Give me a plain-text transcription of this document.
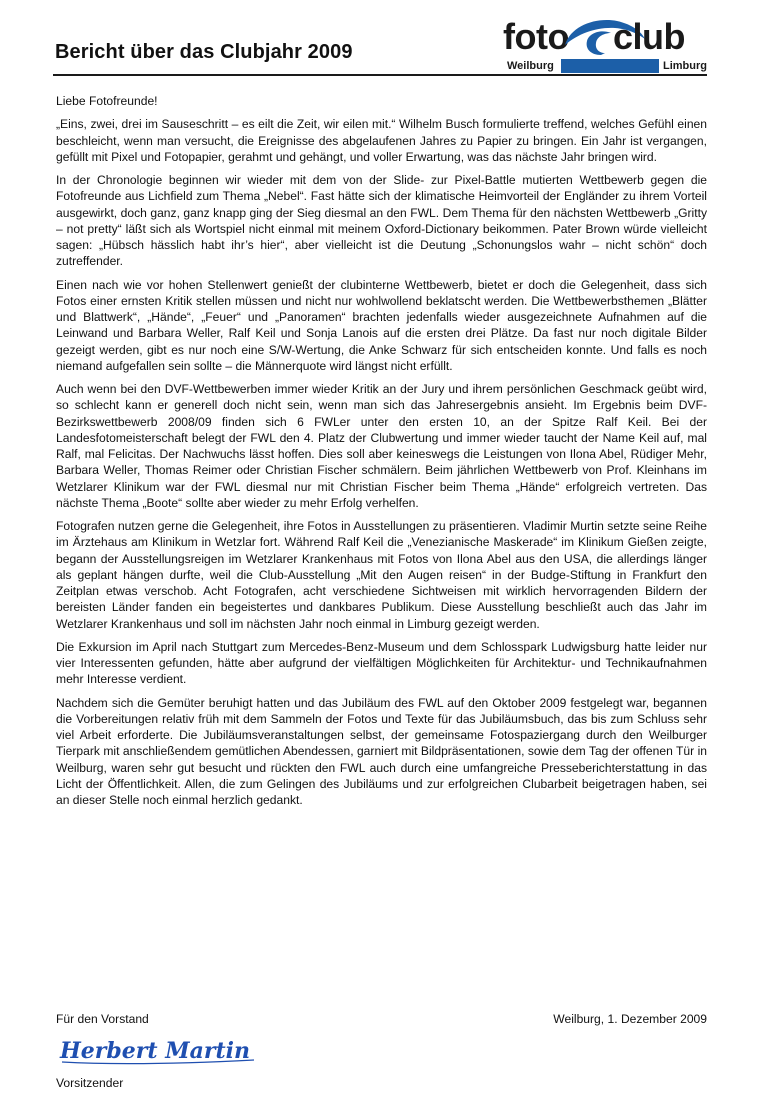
Bericht über das Clubjahr 2009	foto club
Weilburg	Limburg

Liebe Fotofreunde!

„Eins, zwei, drei im Sauseschritt – es eilt die Zeit, wir eilen mit.“ Wilhelm Busch formulierte treffend, welches Gefühl einen beschleicht, wenn man versucht, die Ereignisse des abgelaufenen Jahres zu Papier zu bringen. Ein Jahr ist vergangen, gefüllt mit Pixel und Fotopapier, gerahmt und gehängt, und voller Erwartung, was das nächste Jahr bringen wird.

In der Chronologie beginnen wir wieder mit dem von der Slide- zur Pixel-Battle mutierten Wettbewerb gegen die Fotofreunde aus Lichfield zum Thema „Nebel“. Fast hätte sich der klimatische Heimvorteil der Engländer zu ihrem Vorteil ausgewirkt, doch ganz, ganz knapp ging der Sieg diesmal an den FWL. Dem Thema für den nächsten Wettbewerb „Gritty – not pretty“ läßt sich als Wortspiel nicht einmal mit meinem Oxford-Dictionary beikommen. Pater Brown würde vielleicht sagen: „Hübsch hässlich habt ihr’s hier“, aber vielleicht ist die Deutung „Schonungslos wahr – nicht schön“ doch zutreffender.

Einen nach wie vor hohen Stellenwert genießt der clubinterne Wettbewerb, bietet er doch die Gelegenheit, dass sich Fotos einer ernsten Kritik stellen müssen und nicht nur wohlwollend beklatscht werden. Die Wettbewerbsthemen „Blätter und Blattwerk“, „Hände“, „Feuer“ und „Panoramen“ brachten jedenfalls wieder ausgezeichnete Aufnahmen auf die Leinwand und Barbara Weller, Ralf Keil und Sonja Lanois auf die ersten drei Plätze. Da fast nur noch digitale Bilder gezeigt werden, gibt es nur noch eine S/W-Wertung, die Anke Schwarz für sich entscheiden konnte. Und falls es noch niemand aufgefallen sein sollte – die Männerquote wird längst nicht erfüllt.

Auch wenn bei den DVF-Wettbewerben immer wieder Kritik an der Jury und ihrem persönlichen Geschmack geübt wird, so schlecht kann er generell doch nicht sein, wenn man sich das Jahresergebnis ansieht. Im Ergebnis beim DVF-Bezirkswettbewerb 2008/09 finden sich 6 FWLer unter den ersten 10, an der Spitze Ralf Keil. Bei der Landesfotomeisterschaft belegt der FWL den 4. Platz der Clubwertung und immer wieder taucht der Name Keil auf, mal Ralf, mal Felicitas. Der Nachwuchs lässt hoffen. Dies soll aber keineswegs die Leistungen von Ilona Abel, Rüdiger Mehr, Barbara Weller, Thomas Reimer oder Christian Fischer schmälern. Beim jährlichen Wettbewerb von Prof. Kleinhans im Wetzlarer Klinikum war der FWL diesmal nur mit Christian Fischer beim Thema „Hände“ erfolgreich vertreten. Das nächste Thema „Boote“ sollte aber wieder zu mehr Erfolg verhelfen.

Fotografen nutzen gerne die Gelegenheit, ihre Fotos in Ausstellungen zu präsentieren. Vladimir Murtin setzte seine Reihe im Ärztehaus am Klinikum in Wetzlar fort. Während Ralf Keil die „Venezianische Maskerade“ im Klinikum Gießen zeigte, begann der Ausstellungsreigen im Wetzlarer Krankenhaus mit Fotos von Ilona Abel aus den USA, die allerdings länger als geplant hängen durfte, weil die Club-Ausstellung „Mit den Augen reisen“ in der Budge-Stiftung in Frankfurt den Zeitplan etwas verschob. Acht Fotografen, acht verschiedene Sichtweisen mit wirklich hervorragenden Bildern der bereisten Länder fanden ein begeistertes und dankbares Publikum. Diese Ausstellung beschließt auch das Jahr im Wetzlarer Krankenhaus und soll im nächsten Jahr noch einmal in Limburg gezeigt werden.

Die Exkursion im April nach Stuttgart zum Mercedes-Benz-Museum und dem Schlosspark Ludwigsburg hatte leider nur vier Interessenten gefunden, hätte aber aufgrund der vielfältigen Möglichkeiten für Architektur- und Technikaufnahmen mehr Interesse verdient.

Nachdem sich die Gemüter beruhigt hatten und das Jubiläum des FWL auf den Oktober 2009 festgelegt war, begannen die Vorbereitungen relativ früh mit dem Sammeln der Fotos und Texte für das Jubiläumsbuch, das bis zum Schluss sehr viel Arbeit erforderte. Die Jubiläumsveranstaltungen selbst, der gemeinsame Fotospaziergang durch den Weilburger Tierpark mit anschließendem gemütlichen Abendessen, garniert mit Bildpräsentationen, sowie dem Tag der offenen Tür in Weilburg, waren sehr gut besucht und rückten den FWL auch durch eine umfangreiche Presseberichterstattung in das Licht der Öffentlichkeit. Allen, die zum Gelingen des Jubiläums und zur erfolgreichen Clubarbeit beigetragen haben, sei an dieser Stelle noch einmal herzlich gedankt.

Für den Vorstand	Weilburg, 1. Dezember 2009
Herbert Martin
Vorsitzender
